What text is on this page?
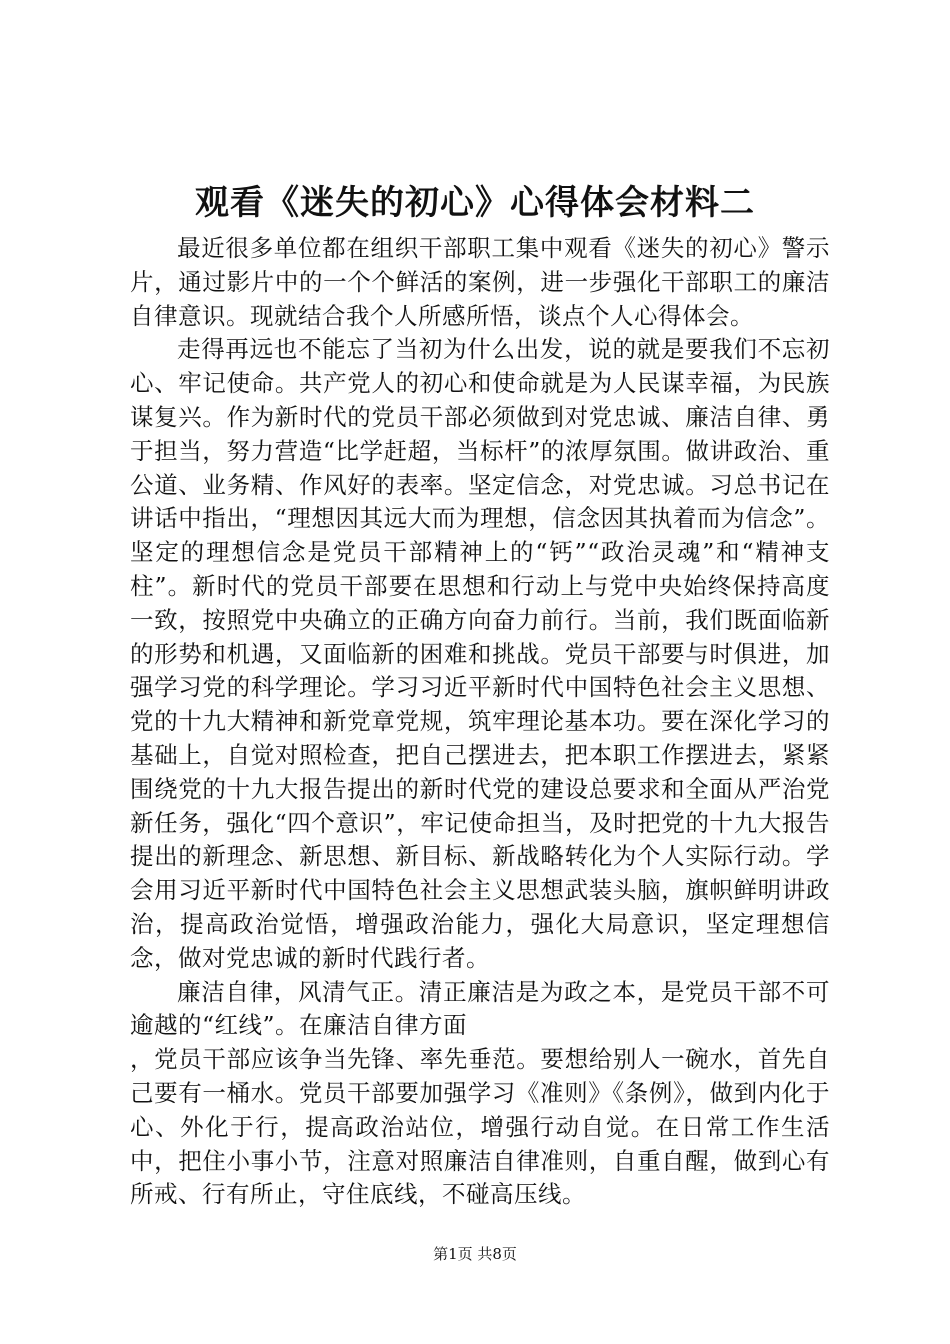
观看《迷失的初心》心得体会材料二

最近很多单位都在组织干部职工集中观看《迷失的初心》警示片，通过影片中的一个个鲜活的案例，进一步强化干部职工的廉洁自律意识。现就结合我个人所感所悟，谈点个人心得体会。

走得再远也不能忘了当初为什么出发，说的就是要我们不忘初心、牢记使命。共产党人的初心和使命就是为人民谋幸福，为民族谋复兴。作为新时代的党员干部必须做到对党忠诚、廉洁自律、勇于担当，努力营造“比学赶超，当标杆”的浓厚氛围。做讲政治、重公道、业务精、作风好的表率。坚定信念，对党忠诚。习总书记在讲话中指出，“理想因其远大而为理想，信念因其执着而为信念”。坚定的理想信念是党员干部精神上的“钙”“政治灵魂”和“精神支柱”。新时代的党员干部要在思想和行动上与党中央始终保持高度一致，按照党中央确立的正确方向奋力前行。当前，我们既面临新的形势和机遇，又面临新的困难和挑战。党员干部要与时俱进，加强学习党的科学理论。学习习近平新时代中国特色社会主义思想、党的十九大精神和新党章党规，筑牢理论基本功。要在深化学习的基础上，自觉对照检查，把自己摆进去，把本职工作摆进去，紧紧围绕党的十九大报告提出的新时代党的建设总要求和全面从严治党新任务，强化“四个意识”，牢记使命担当，及时把党的十九大报告提出的新理念、新思想、新目标、新战略转化为个人实际行动。学会用习近平新时代中国特色社会主义思想武装头脑，旗帜鲜明讲政治，提高政治觉悟，增强政治能力，强化大局意识，坚定理想信念，做对党忠诚的新时代践行者。

廉洁自律，风清气正。清正廉洁是为政之本，是党员干部不可逾越的“红线”。在廉洁自律方面

，党员干部应该争当先锋、率先垂范。要想给别人一碗水，首先自己要有一桶水。党员干部要加强学习《准则》《条例》，做到内化于心、外化于行，提高政治站位，增强行动自觉。在日常工作生活中，把住小事小节，注意对照廉洁自律准则，自重自醒，做到心有所戒、行有所止，守住底线，不碰高压线。

第1页 共8页
